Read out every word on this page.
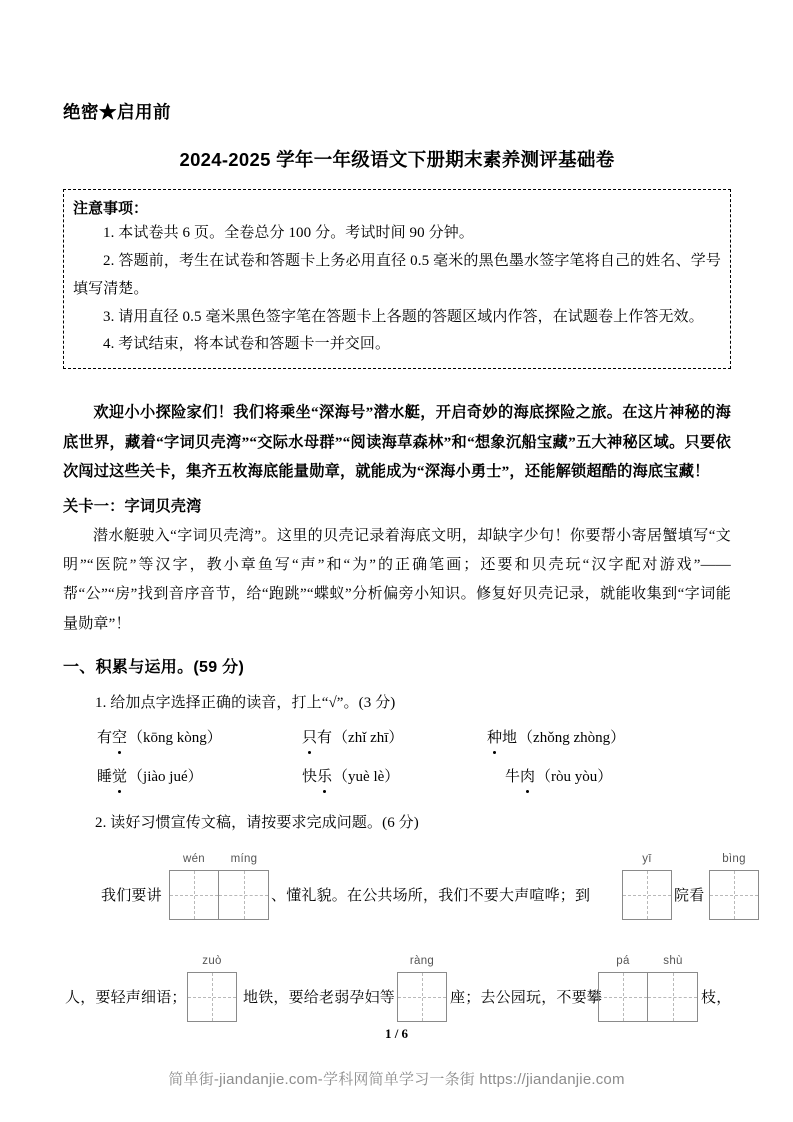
绝密★启用前
2024-2025 学年一年级语文下册期末素养测评基础卷
注意事项：
1. 本试卷共 6 页。全卷总分 100 分。考试时间 90 分钟。
2. 答题前，考生在试卷和答题卡上务必用直径 0.5 毫米的黑色墨水签字笔将自己的姓名、学号填写清楚。
3. 请用直径 0.5 毫米黑色签字笔在答题卡上各题的答题区域内作答，在试题卷上作答无效。
4. 考试结束，将本试卷和答题卡一并交回。
欢迎小小探险家们！我们将乘坐“深海号”潜水艇，开启奇妙的海底探险之旅。在这片神秘的海底世界，藏着“字词贝壳湾”“交际水母群”“阅读海草森林”和“想象沉船宝藏”五大神秘区域。只要依次闯过这些关卡，集齐五枚海底能量勋章，就能成为“深海小勇士”，还能解锁超酷的海底宝藏！
关卡一：字词贝壳湾
潜水艇驶入“字词贝壳湾”。这里的贝壳记录着海底文明，却缺字少句！你要帮小寄居蟹填写“文明”“医院”等汉字，教小章鱼写“声”和“为”的正确笔画；还要和贝壳玩“汉字配对游戏”——帮“公”“房”找到音序音节，给“跑跳”“蝶蚁”分析偏旁小知识。修复好贝壳记录，就能收集到“字词能量勋章”！
一、积累与运用。(59 分)
1. 给加点字选择正确的读音，打上“√”。(3 分)
有空 （kōng kòng）	只有 （zhǐ zhī）	种地 （zhǒng zhòng）
睡觉 （jiào jué）	快乐 （yuè lè）	牛肉 （ròu yòu）
2. 读好习惯宣传文稿，请按要求完成问题。(6 分)
我们要讲
wén	míng
、懂礼貌。在公共场所，我们不要大声喧哗；到
yī
院看
bìng
人，要轻声细语；
zuò
地铁，要给老弱孕妇等
ràng
座；去公园玩，不要攀
pá	shù
枝，
1 / 6
简单街-jiandanjie.com-学科网简单学习一条街 https://jiandanjie.com
